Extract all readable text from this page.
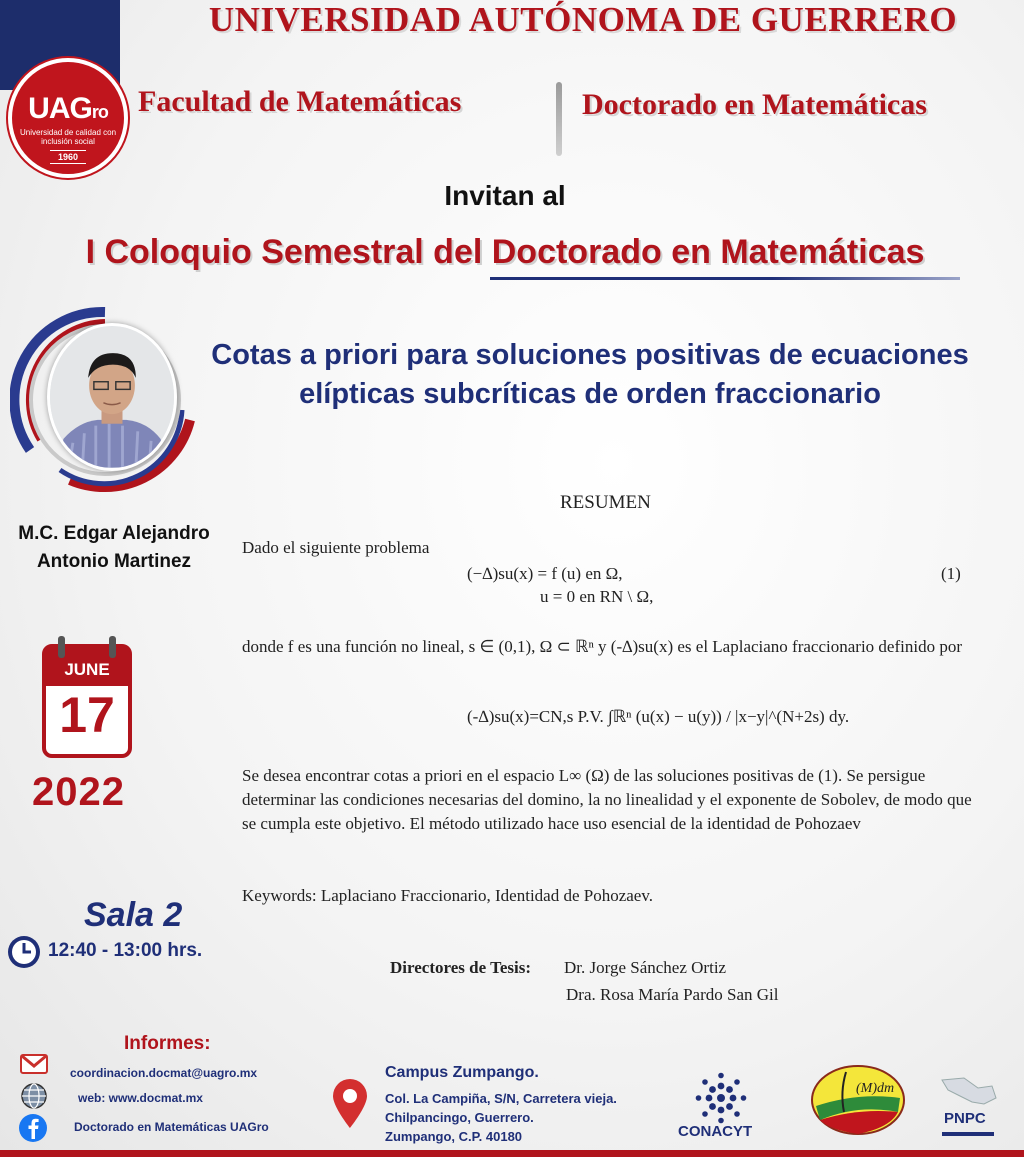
UAGro
Universidad de calidad con inclusión social
1960
UNIVERSIDAD AUTÓNOMA DE GUERRERO
Facultad de Matemáticas	Doctorado en Matemáticas
Invitan al
I Coloquio Semestral del Doctorado en Matemáticas
Cotas a priori para soluciones positivas de ecuaciones elípticas subcríticas de orden fraccionario
M.C. Edgar Alejandro
Antonio Martinez
JUNE
17
2022
Sala 2
12:40 - 13:00 hrs.
RESUMEN
Dado el siguiente problema
(−∆)su(x) = f (u) en Ω,	(1)
u = 0 en RN \ Ω,
donde f es una función no lineal, s ∈ (0,1), Ω ⊂ ℝⁿ y (-∆)su(x) es el Laplaciano fraccionario definido por
(-∆)su(x)=CN,s P.V. ∫ℝⁿ (u(x) − u(y)) / |x−y|^(N+2s) dy.
Se desea encontrar cotas a priori en el espacio L∞ (Ω) de las soluciones positivas de (1). Se persigue determinar las condiciones necesarias del domino, la no linealidad y el exponente de Sobolev, de modo que se cumpla este objetivo. El método utilizado hace uso esencial de la identidad de Pohozaev
Keywords: Laplaciano Fraccionario, Identidad de Pohozaev.
Directores de Tesis: Dr. Jorge Sánchez Ortiz
Dra. Rosa María Pardo San Gil
Informes:
coordinacion.docmat@uagro.mx
web: www.docmat.mx
Doctorado en Matemáticas UAGro
Campus Zumpango.
Col. La Campiña, S/N, Carretera vieja.
Chilpancingo, Guerrero.
Zumpango, C.P. 40180	CONACYT
(M)dm
PNPC
